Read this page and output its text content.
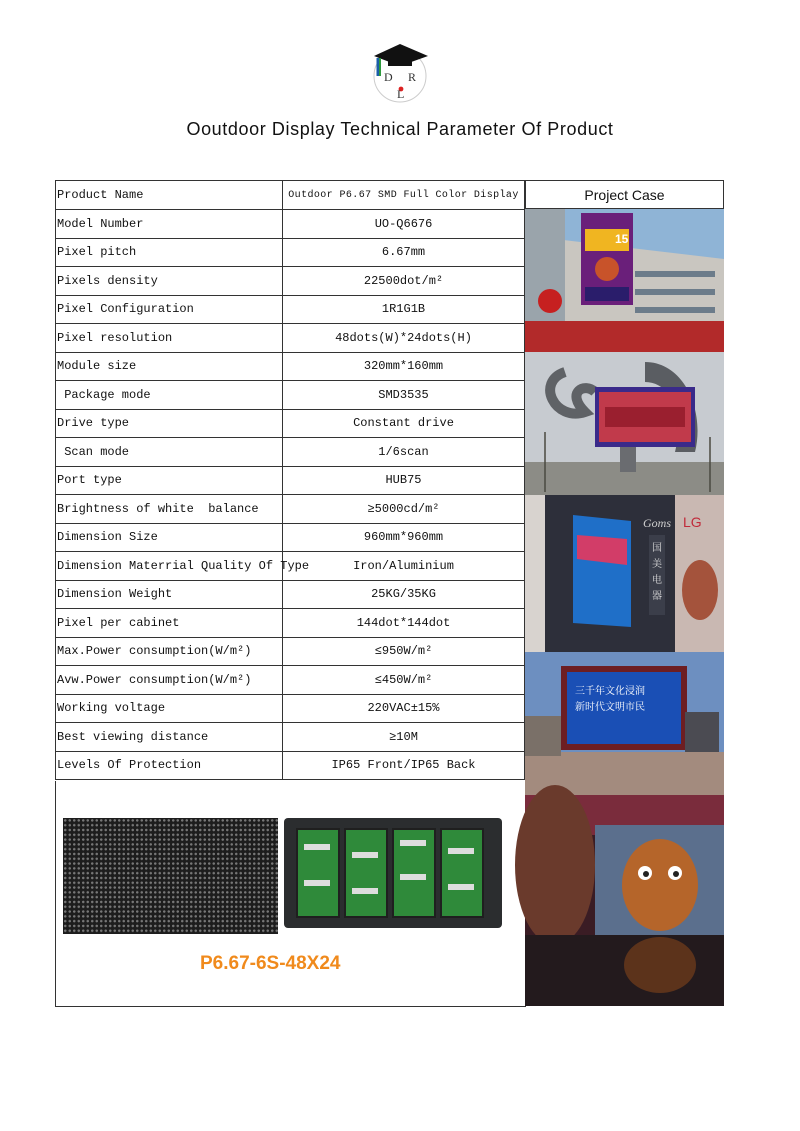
D R
L
Ooutdoor Display Technical Parameter Of Product
Product Name	Outdoor P6.67 SMD Full Color Display
Model Number	UO-Q6676
Pixel pitch	6.67mm
Pixels density	22500dot/m²
Pixel Configuration	1R1G1B
Pixel resolution	48dots(W)*24dots(H)
Module size	320mm*160mm
Package mode	SMD3535
Drive type	Constant drive
Scan mode	1/6scan
Port type	HUB75
Brightness of white  balance	≥5000cd/m²
Dimension Size	960mm*960mm
Dimension Materrial Quality Of Type	Iron/Aluminium
Dimension Weight	25KG/35KG
Pixel per cabinet	144dot*144dot
Max.Power consumption(W/m²)	≤950W/m²
Avw.Power consumption(W/m²)	≤450W/m²
Working voltage	220VAC±15%
Best viewing distance	≥10M
Levels Of Protection	IP65 Front/IP65 Back
P6.67-6S-48X24
Project Case
15
Goms LG
国美电器
三千年文化浸润
新时代文明市民
